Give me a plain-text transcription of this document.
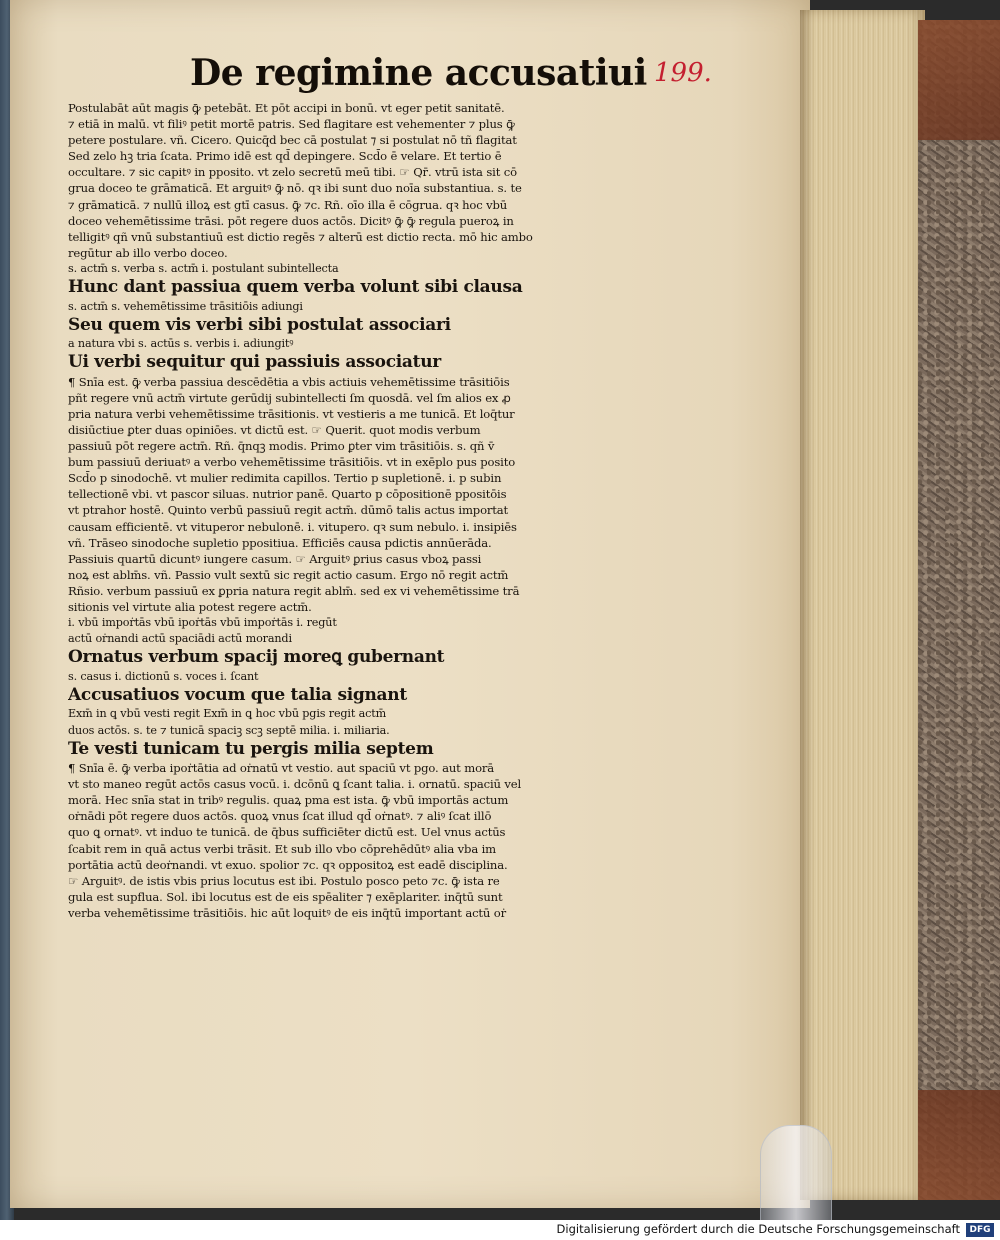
De regimine accusatiui 199.
Postulabāt aūt magis ꝙ̄ petebāt. Et pōt accipi in bonū. vt eger petit sanitatē.
⁊ etiā in malū. vt filiꝰ petit mortē patris. Sed flagitare est vehementer ⁊ plus ꝙ̄
petere postulare. vñ. Cicero. Quicq̄d bec cā postulat ⁊ si postulat nō tñ flagitat
Sed zelo hꝫ tria ſcata. Primo idē est qd̄ depingere. Scd̄o ē velare. Et tertio ē
occultare. ⁊ sic capitꝰ in pposito. vt zelo secretū meū tibi. ☞ Qr̄. vtrū ista sit cō
grua doceo te grāmaticā. Et arguitꝰ ꝙ̄ nō. qꝛ ibi sunt duo noīa substantiua. s. te
⁊ grāmaticā. ⁊ nullū illoꝝ est gtī casus. ꝙ̄ ⁊c. Rñ. oīo illa ē cōgrua. qꝛ hoc vbū
doceo vehemētissime trāsi. pōt regere duos actōs. Dicitꝰ ꝙ̄ ꝙ̄ regula pueroꝝ in
telligitꝰ qñ vnū substantiuū est dictio regēs ⁊ alterū est dictio recta. mō hic ambo
regūtur ab illo verbo doceo.
s. actm̄ s. verba s. actm̄ i. postulant subintellecta
Hunc dant passiua quem verba volunt sibi clausa
s. actm̄ s. vehemētissime trāsitiōis adiungi
Seu quem vis verbi sibi postulat associari
a natura vbi s. actūs s. verbis i. adiungitꝰ
Ui verbi sequitur qui passiuis associatur
¶ Snīa est. ꝙ̄ verba passiua descēdētia a vbis actiuis vehemētissime trāsitiōis
pñt regere vnū actm̄ virtute gerūdij subintellecti ſm quosdā. vel ſm alios ex ꝓ
pria natura verbi vehemētissime trāsitionis. vt vestieris a me tunicā. Et loq̄tur
disiūctiue ꝑter duas opiniōes. vt dictū est. ☞ Querit. quot modis verbum
passiuū pōt regere actm̄. Rñ. q̄nqꝫ modis. Primo ꝑter vim trāsitiōis. s. qñ v̄
bum passiuū deriuatꝰ a verbo vehemētissime trāsitiōis. vt in exēplo pus posito
Scd̄o p sinodochē. vt mulier redimita capillos. Tertio p supletionē. i. p subin
tellectionē vbi. vt pascor siluas. nutrior panē. Quarto p cōpositionē ppositōis
vt ptrahor hostē. Quinto verbū passiuū regit actm̄. dūmō talis actus importat
causam efficientē. vt vituperor nebulonē. i. vitupero. qꝛ sum nebulo. i. insipiēs
vñ. Trāseo sinodoche supletio ppositiua. Efficiēs causa pdictis annūerāda.
Passiuis quartū dicuntꝰ iungere casum. ☞ Arguitꝰ ꝑrius casus vboꝝ passi
noꝝ est ablm̄s. vñ. Passio vult sextū sic regit actio casum. Ergo nō regit actm̄
Rñsio. verbum passiuū ex ꝑpria natura regit ablm̄. sed ex vi vehemētissime trā
sitionis vel virtute alia potest regere actm̄.
i. vbū impoṙtās vbū ipoṙtās vbū impoṙtās i. regūt
actū oṙnandi actū spaciādi actū morandi
Ornatus verbum spacij moreꝗ gubernant
s. casus i. dictionū s. voces i. ſcant
Accusatiuos vocum que talia signant
Exm̄ in ꝗ vbū vesti regit Exm̄ in ꝗ hoc vbū pgis regit actm̄
duos actōs. s. te ⁊ tunicā spaciꝫ scꝫ septē milia. i. miliaria.
Te vesti tunicam tu pergis milia septem
¶ Snīa ē. ꝙ̄ verba ipoṙtātia ad oṙnatū vt vestio. aut spaciū vt pgo. aut morā
vt sto maneo regūt actōs casus vocū. i. dcōnū ꝗ ſcant talia. i. ornatū. spaciū vel
morā. Hec snīa stat in tribꝰ regulis. quaꝝ pma est ista. ꝙ̄ vbū importās actum
oṙnādi pōt regere duos actōs. quoꝝ vnus ſcat illud qd̄ oṙnatꝰ. ⁊ aliꝰ ſcat illō
quo ꝗ ornatꝰ. vt induo te tunicā. de q̄bus sufficiēter dictū est. Uel vnus actūs
ſcabit rem in quā actus verbi trāsit. Et sub illo vbo cōprehēdūtꝰ alia vba im
portātia actū deoṙnandi. vt exuo. spolior ⁊c. qꝛ oppositoꝝ est eadē disciplina.
☞ Arguitꝰ. de istis vbis prius locutus est ibi. Postulo posco peto ⁊c. ꝙ̄ ista re
gula est supflua. Sol. ibi locutus est de eis spēaliter ⁊ exēplariter. inq̄tū sunt
verba vehemētissime trāsitiōis. hic aūt loquitꝰ de eis inq̄tū important actū oṙ
Digitalisierung gefördert durch die Deutsche Forschungsgemeinschaft	DFG
